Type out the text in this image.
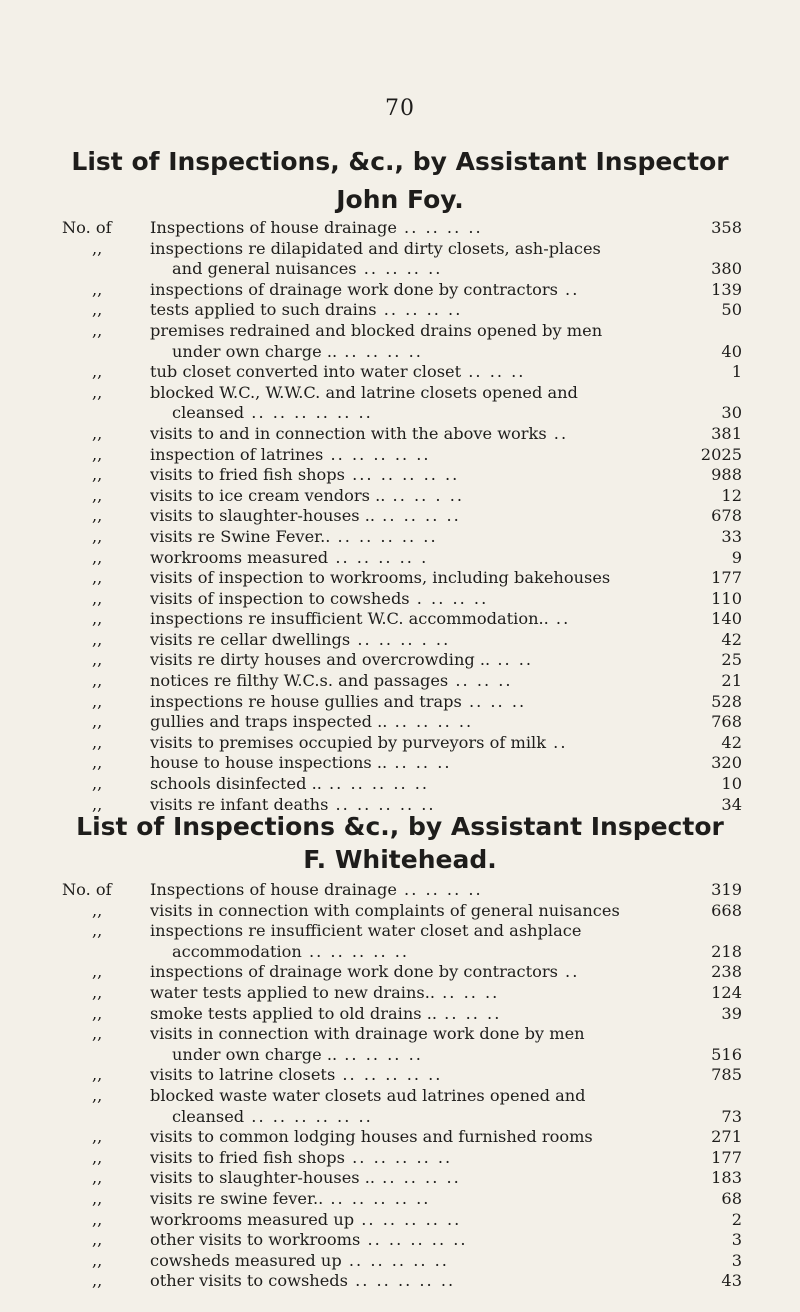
70
List of Inspections, &c., by Assistant Inspector
John Foy.
No. of	Inspections of house drainage .. .. .. ..	358
,,	inspections re dilapidated and dirty closets, ash-places
and general nuisances .. .. .. ..	380
,,	inspections of drainage work done by contractors ..	139
,,	tests applied to such drains .. .. .. ..	50
,,	premises redrained and blocked drains opened by men
under own charge .. .. .. .. ..	40
,,	tub closet converted into water closet .. .. ..	1
,,	blocked W.C., W.W.C. and latrine closets opened and
cleansed .. .. .. .. .. ..	30
,,	visits to and in connection with the above works ..	381
,,	inspection of latrines .. .. .. .. ..	2025
,,	visits to fried fish shops ... .. .. .. ..	988
,,	visits to ice cream vendors .. .. .. . ..	12
,,	visits to slaughter-houses .. .. .. .. ..	678
,,	visits re Swine Fever.. .. .. .. .. ..	33
,,	workrooms measured .. .. .. .. .	9
,,	visits of inspection to workrooms, including bakehouses	177
,,	visits of inspection to cowsheds . .. .. ..	110
,,	inspections re insufficient W.C. accommodation.. ..	140
,,	visits re cellar dwellings .. .. .. . ..	42
,,	visits re dirty houses and overcrowding .. .. ..	25
,,	notices re filthy W.C.s. and passages .. .. ..	21
,,	inspections re house gullies and traps .. .. ..	528
,,	gullies and traps inspected .. .. .. .. ..	768
,,	visits to premises occupied by purveyors of milk ..	42
,,	house to house inspections .. .. .. ..	320
,,	schools disinfected .. .. .. .. .. ..	10
,,	visits re infant deaths .. .. .. .. ..	34
List of Inspections &c., by Assistant Inspector
F. Whitehead.
No. of	Inspections of house drainage .. .. .. ..	319
,,	visits in connection with complaints of general nuisances	668
,,	inspections re insufficient water closet and ashplace
accommodation .. .. .. .. ..	218
,,	inspections of drainage work done by contractors ..	238
,,	water tests applied to new drains.. .. .. ..	124
,,	smoke tests applied to old drains .. .. .. ..	39
,,	visits in connection with drainage work done by men
under own charge .. .. .. .. ..	516
,,	visits to latrine closets .. .. .. .. ..	785
,,	blocked waste water closets aud latrines opened and
cleansed .. .. .. .. .. ..	73
,,	visits to common lodging houses and furnished rooms	271
,,	visits to fried fish shops .. .. .. .. ..	177
,,	visits to slaughter-houses .. .. .. .. ..	183
,,	visits re swine fever.. .. .. .. .. ..	68
,,	workrooms measured up .. .. .. .. ..	2
,,	other visits to workrooms .. .. .. .. ..	3
,,	cowsheds measured up .. .. .. .. ..	3
,,	other visits to cowsheds .. .. .. .. ..	43
